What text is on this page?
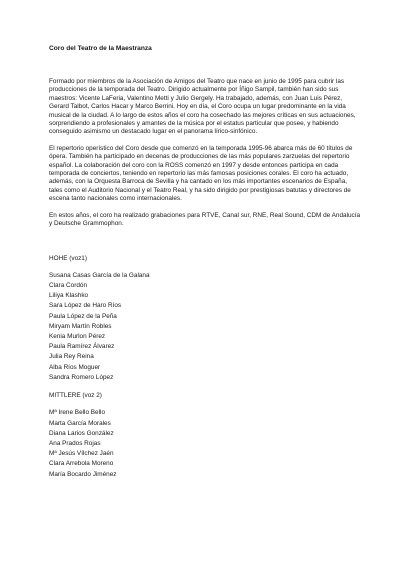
Coro del Teatro de la Maestranza

Formado por miembros de la Asociación de Amigos del Teatro que nace en junio de 1995 para cubrir las producciones de la temporada del Teatro. Dirigido actualmente por Íñigo Sampil, también han sido sus maestros: Vicente LaFeria, Valentino Metti y Julio Gergely. Ha trabajado, además, con Juan Luis Pérez, Gerard Talbot, Carlos Hacar y Marco Berrini. Hoy en día, el Coro ocupa un lugar predominante en la vida musical de la ciudad. A lo largo de estos años el coro ha cosechado las mejores críticas en sus actuaciones, sorprendiendo a profesionales y amantes de la música por el estatus particular que posee, y habiendo conseguido asimismo un destacado lugar en el panorama lírico-sinfónico.

El repertorio operístico del Coro desde que comenzó en la temporada 1995-96 abarca más de 60 títulos de ópera. También ha participado en decenas de producciones de las más populares zarzuelas del repertorio español. La colaboración del coro con la ROSS comenzó en 1997 y desde entonces participa en cada temporada de conciertos, teniendo en repertorio las más famosas posiciones corales. El coro ha actuado, además, con la Orquesta Barroca de Sevilla y ha cantado en los más importantes escenarios de España, tales como el Auditorio Nacional y el Teatro Real, y ha sido dirigido por prestigiosas batutas y directores de escena tanto nacionales como internacionales.

En estos años, el coro ha realizado grabaciones para RTVE, Canal sur, RNE, Real Sound, CDM de Andalucía y Deutsche Grammophon.

HOHE (voz1)
Susana Casas García de la Galana
Clara Cordón
Liliya Klashko
Sara López de Haro Ríos
Paula López de la Peña
Miryam Martín Robles
Kenia Murlon Pérez
Paula Ramírez Álvarez
Julia Rey Reina
Alba Ríos Moguer
Sandra Romero López
MITTLERE (voz 2)
Mª Irene Bello Bello
Marta García Morales
Diana Larios González
Ana Prados Rojas
Mª Jesús Vílchez Jaén
Clara Arrebola Moreno
María Bocardo Jiménez
